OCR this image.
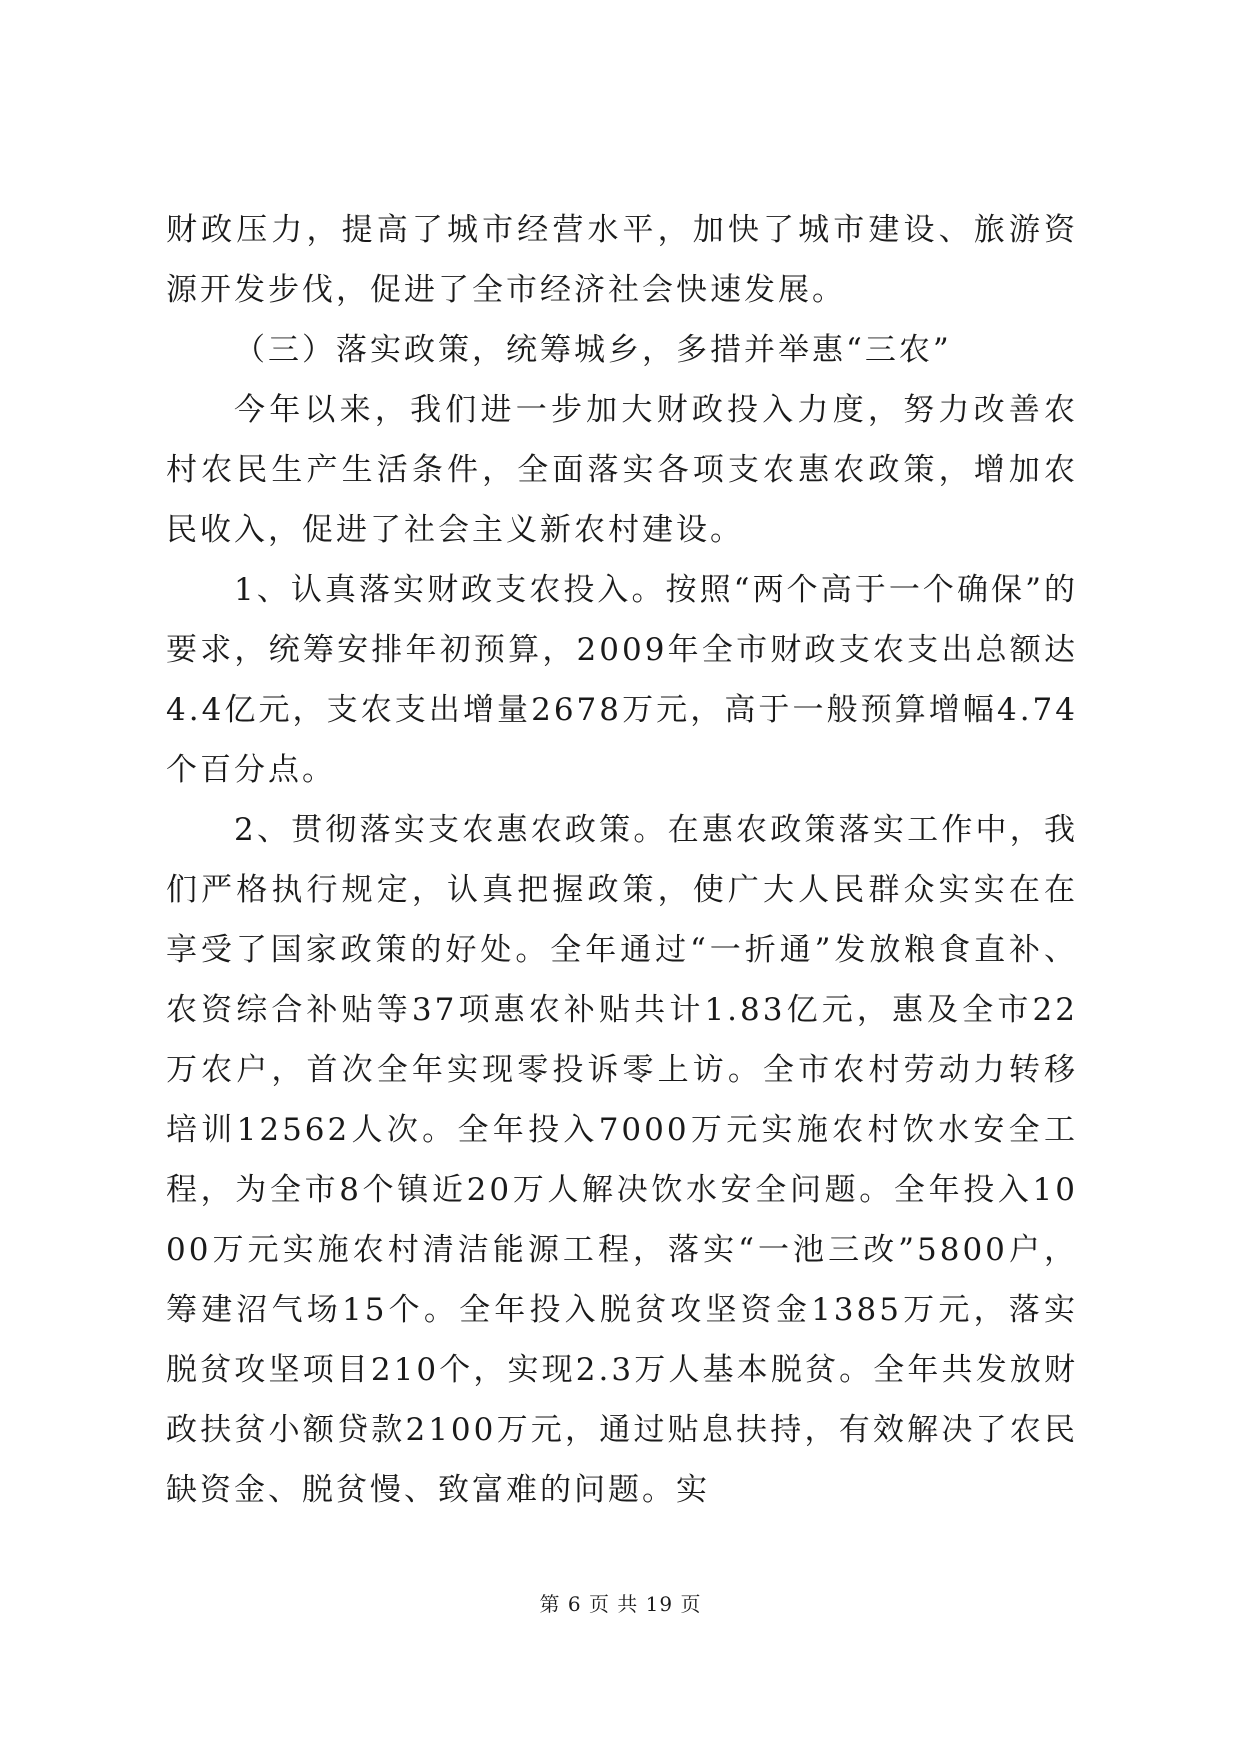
财政压力，提高了城市经营水平，加快了城市建设、旅游资源开发步伐，促进了全市经济社会快速发展。

（三）落实政策，统筹城乡，多措并举惠“三农”

今年以来，我们进一步加大财政投入力度，努力改善农村农民生产生活条件，全面落实各项支农惠农政策，增加农民收入，促进了社会主义新农村建设。

1、认真落实财政支农投入。按照“两个高于一个确保”的要求，统筹安排年初预算，2009年全市财政支农支出总额达4.4亿元，支农支出增量2678万元，高于一般预算增幅4.74个百分点。

2、贯彻落实支农惠农政策。在惠农政策落实工作中，我们严格执行规定，认真把握政策，使广大人民群众实实在在享受了国家政策的好处。全年通过“一折通”发放粮食直补、农资综合补贴等37项惠农补贴共计1.83亿元，惠及全市22万农户，首次全年实现零投诉零上访。全市农村劳动力转移培训12562人次。全年投入7000万元实施农村饮水安全工程，为全市8个镇近20万人解决饮水安全问题。全年投入1000万元实施农村清洁能源工程，落实“一池三改”5800户，筹建沼气场15个。全年投入脱贫攻坚资金1385万元，落实脱贫攻坚项目210个，实现2.3万人基本脱贫。全年共发放财政扶贫小额贷款2100万元，通过贴息扶持，有效解决了农民缺资金、脱贫慢、致富难的问题。实

第 6 页 共 19 页
